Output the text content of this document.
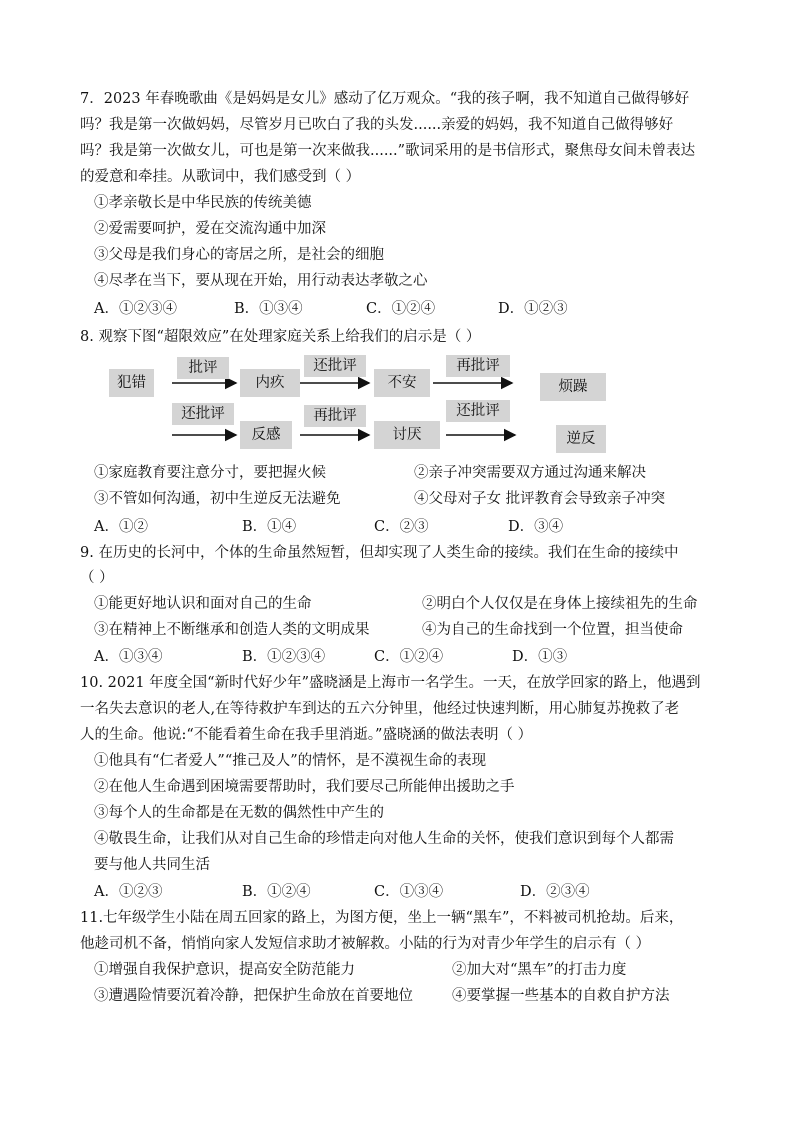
7．2023 年春晚歌曲《是妈妈是女儿》感动了亿万观众。“我的孩子啊，我不知道自己做得够好
吗？我是第一次做妈妈，尽管岁月已吹白了我的头发......亲爱的妈妈，我不知道自己做得够好
吗？我是第一次做女儿，可也是第一次来做我......”歌词采用的是书信形式，聚焦母女间未曾表达
的爱意和牵挂。从歌词中，我们感受到（ ）
①孝亲敬长是中华民族的传统美德
②爱需要呵护，爱在交流沟通中加深
③父母是我们身心的寄居之所，是社会的细胞
④尽孝在当下，要从现在开始，用行动表达孝敬之心
A．①②③④	B．①③④	C．①②④	D．①②③
8. 观察下图“超限效应”在处理家庭关系上给我们的启示是（ ）
犯错	内疚	不安	烦躁
批评	还批评	再批评
反感	讨厌	逆反
还批评	再批评	还批评
①家庭教育要注意分寸，要把握火候	②亲子冲突需要双方通过沟通来解决
③不管如何沟通，初中生逆反无法避免	④父母对子女 批评教育会导致亲子冲突
A．①②	B．①④	C．②③	D．③④
9. 在历史的长河中，个体的生命虽然短暂，但却实现了人类生命的接续。我们在生命的接续中
（ ）
①能更好地认识和面对自己的生命	②明白个人仅仅是在身体上接续祖先的生命
③在精神上不断继承和创造人类的文明成果	④为自己的生命找到一个位置，担当使命
A．①③④	B．①②③④	C．①②④	D．①③
10. 2021 年度全国“新时代好少年”盛晓涵是上海市一名学生。一天，在放学回家的路上，他遇到
一名失去意识的老人,在等待救护车到达的五六分钟里，他经过快速判断，用心肺复苏挽救了老
人的生命。他说:“不能看着生命在我手里消逝。”盛晓涵的做法表明（ ）
①他具有“仁者爱人”“推己及人”的情怀，是不漠视生命的表现
②在他人生命遇到困境需要帮助时，我们要尽己所能伸出援助之手
③每个人的生命都是在无数的偶然性中产生的
④敬畏生命，让我们从对自己生命的珍惜走向对他人生命的关怀，使我们意识到每个人都需
要与他人共同生活
A．①②③	B．①②④	C．①③④	D．②③④
11.七年级学生小陆在周五回家的路上，为图方便，坐上一辆“黑车”，不料被司机抢劫。后来，
他趁司机不备，悄悄向家人发短信求助才被解救。小陆的行为对青少年学生的启示有（ ）
①增强自我保护意识，提高安全防范能力	②加大对“黑车”的打击力度
③遭遇险情要沉着冷静，把保护生命放在首要地位	④要掌握一些基本的自救自护方法
